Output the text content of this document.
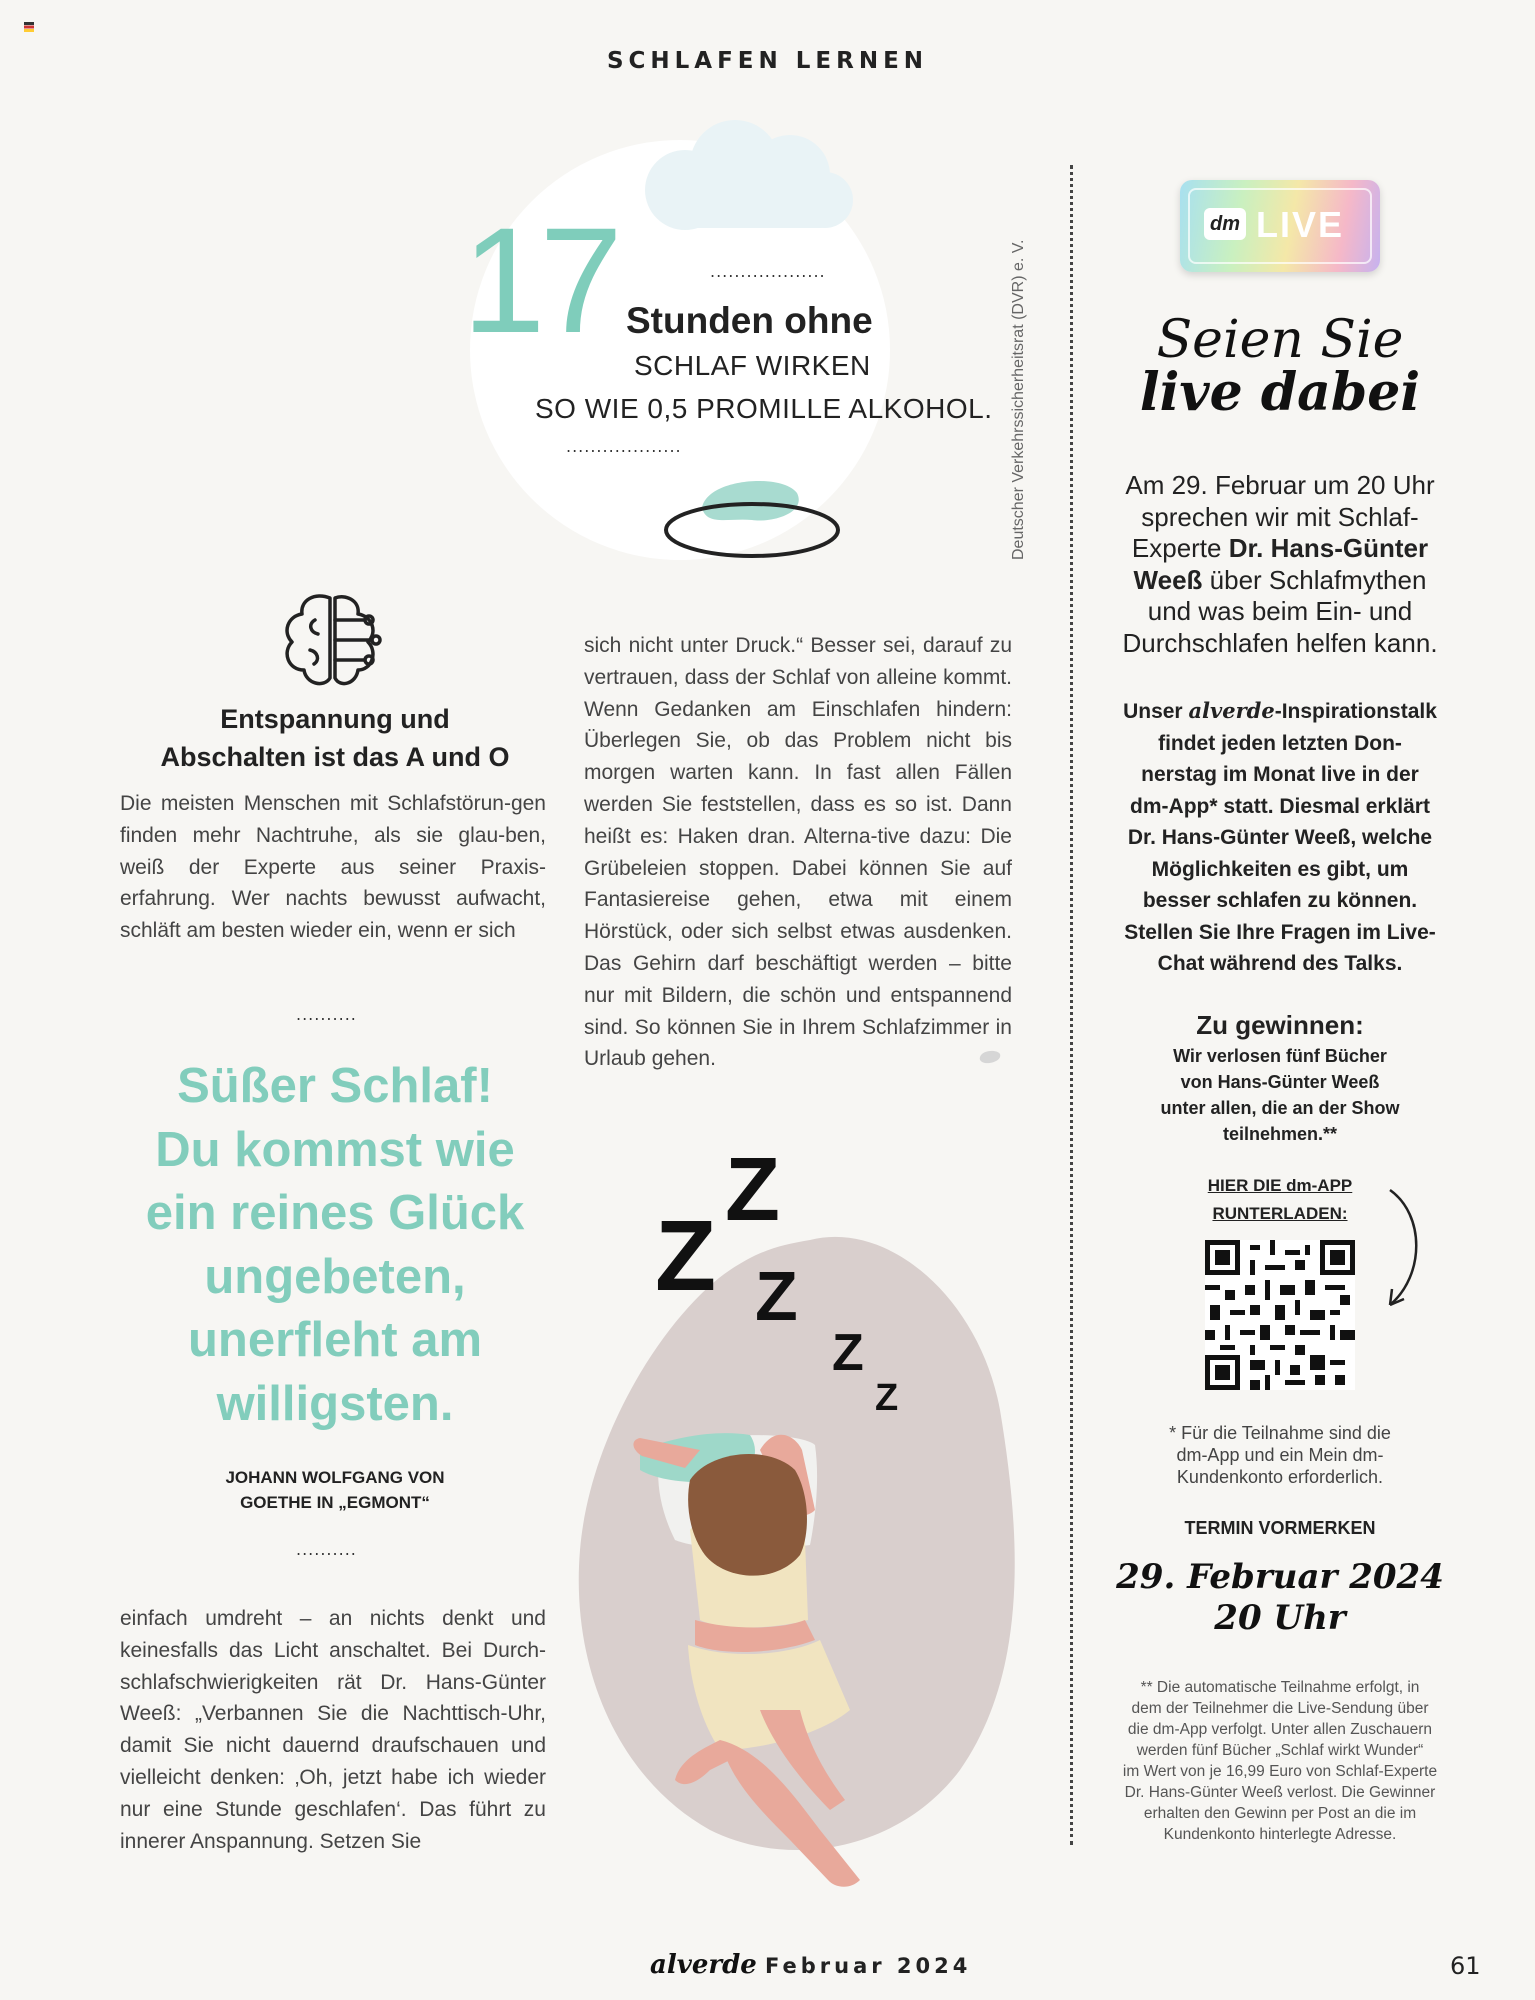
SCHLAFEN LERNEN
17	...................
Stunden ohne
SCHLAF WIRKEN
SO WIE 0,5 PROMILLE ALKOHOL.
...................	Deutscher Verkehrssicherheitsrat (DVR) e. V.
Entspannung und
Abschalten ist das A und O
Die meisten Menschen mit Schlafstörun-gen finden mehr Nachtruhe, als sie glau-ben, weiß der Experte aus seiner Praxis-erfahrung. Wer nachts bewusst aufwacht, schläft am besten wieder ein, wenn er sich
..........
Süßer Schlaf!
Du kommst wie
ein reines Glück
ungebeten,
unerfleht am
willigsten.
JOHANN WOLFGANG VON
GOETHE IN „EGMONT“
..........
einfach umdreht – an nichts denkt und keinesfalls das Licht anschaltet. Bei Durch-schlafschwierigkeiten rät Dr. Hans-Günter Weeß: „Verbannen Sie die Nachttisch-Uhr, damit Sie nicht dauernd draufschauen und vielleicht denken: ‚Oh, jetzt habe ich wieder nur eine Stunde geschlafen‘. Das führt zu innerer Anspannung. Setzen Sie
sich nicht unter Druck.“ Besser sei, darauf zu vertrauen, dass der Schlaf von alleine kommt. Wenn Gedanken am Einschlafen hindern: Überlegen Sie, ob das Problem nicht bis morgen warten kann. In fast allen Fällen werden Sie feststellen, dass es so ist. Dann heißt es: Haken dran. Alterna-tive dazu: Die Grübeleien stoppen. Dabei können Sie auf Fantasiereise gehen, etwa mit einem Hörstück, oder sich selbst etwas ausdenken. Das Gehirn darf beschäftigt werden – bitte nur mit Bildern, die schön und entspannend sind. So können Sie in Ihrem Schlafzimmer in Urlaub gehen.
Z
Z Z
Z
Z
dm LIVE
Seien Sie
live dabei
Am 29. Februar um 20 Uhr
sprechen wir mit Schlaf-
Experte Dr. Hans-Günter
Weeß über Schlafmythen
und was beim Ein- und
Durchschlafen helfen kann.
Unser alverde-Inspirationstalk
findet jeden letzten Don-
nerstag im Monat live in der
dm-App* statt. Diesmal erklärt
Dr. Hans-Günter Weeß, welche
Möglichkeiten es gibt, um
besser schlafen zu können.
Stellen Sie Ihre Fragen im Live-
Chat während des Talks.
Zu gewinnen:
Wir verlosen fünf Bücher
von Hans-Günter Weeß
unter allen, die an der Show
teilnehmen.**
HIER DIE dm-APP
RUNTERLADEN:
* Für die Teilnahme sind die
dm-App und ein Mein dm-
Kundenkonto erforderlich.
TERMIN VORMERKEN
29. Februar 2024
20 Uhr
** Die automatische Teilnahme erfolgt, in
dem der Teilnehmer die Live-Sendung über
die dm-App verfolgt. Unter allen Zuschauern
werden fünf Bücher „Schlaf wirkt Wunder“
im Wert von je 16,99 Euro von Schlaf-Experte
Dr. Hans-Günter Weeß verlost. Die Gewinner
erhalten den Gewinn per Post an die im
Kundenkonto hinterlegte Adresse.
alverde Februar 2024	61
